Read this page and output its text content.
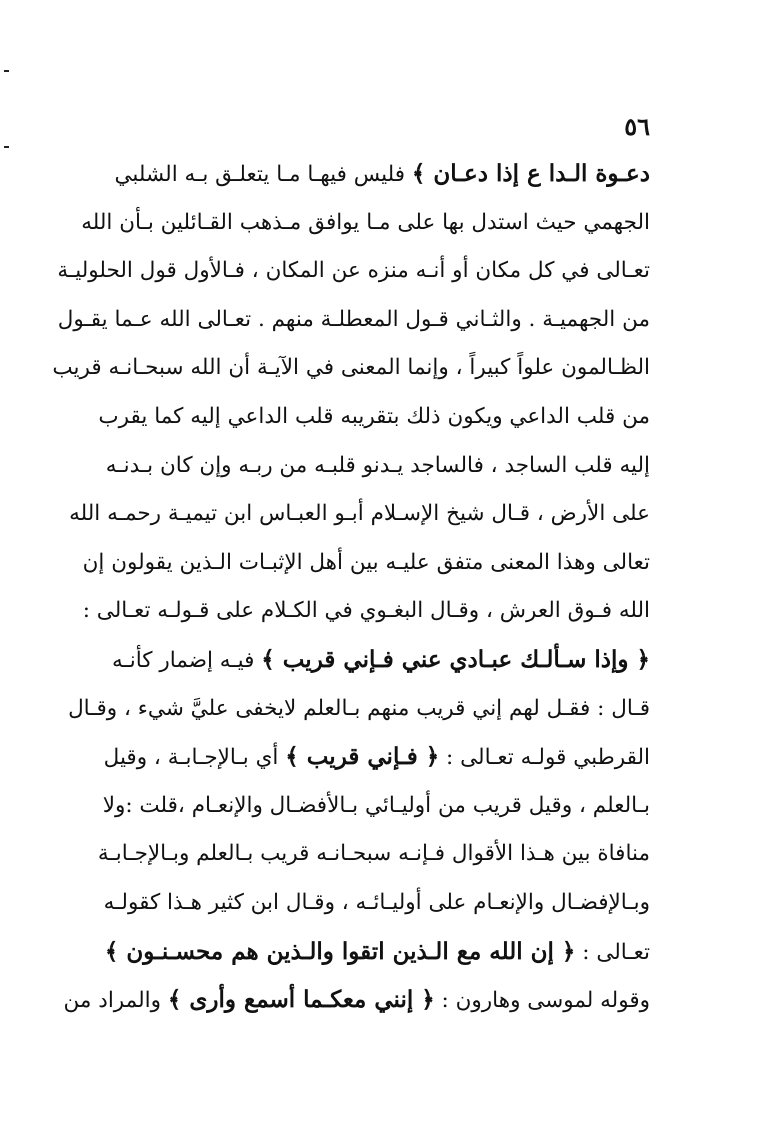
٥٦
دعـوة الـدا ع إذا دعـان ﴾ فليس فيهـا مـا يتعلـق بـه الشلبي
الجهمي حيث استدل بها على مـا يوافق مـذهب القـائلين بـأن الله
تعـالى في كل مكان أو أنـه منزه عن المكان ، فـالأول قول الحلوليـة
من الجهميـة . والثـاني قـول المعطلـة منهم . تعـالى الله عـما يقـول
الظـالمون علواً كبيراً ، وإنما المعنى في الآيـة أن الله سبحـانـه قريب
من قلب الداعي ويكون ذلك بتقريبه قلب الداعي إليه كما يقرب
إليه قلب الساجد ، فالساجد يـدنو قلبـه من ربـه وإن كان بـدنـه
على الأرض ، قـال شيخ الإسـلام أبـو العبـاس ابن تيميـة رحمـه الله
تعالى وهذا المعنى متفق عليـه بين أهل الإثبـات الـذين يقولون إن
الله فـوق العرش ، وقـال البغـوي في الكـلام على قـولـه تعـالى :
﴿ وإذا سـألـك عبـادي عني فـإني قريب ﴾ فيـه إضمار كأنـه
قـال : فقـل لهم إني قريب منهم بـالعلم لايخفى عليَّ شيء ، وقـال
القرطبي قولـه تعـالى : ﴿ فـإني قريب ﴾ أي بـالإجـابـة ، وقيل
بـالعلم ، وقيل قريب من أوليـائي بـالأفضـال والإنعـام ،قلت :ولا
منافاة بين هـذا الأقوال فـإنـه سبحـانـه قريب بـالعلم وبـالإجـابـة
وبـالإفضـال والإنعـام على أوليـائـه ، وقـال ابن كثير هـذا كقولـه
تعـالى : ﴿ إن الله مع الـذين اتقوا والـذين هم محسـنـون ﴾
وقوله لموسى وهارون : ﴿ إنني معكـما أسمع وأرى ﴾ والمراد من
